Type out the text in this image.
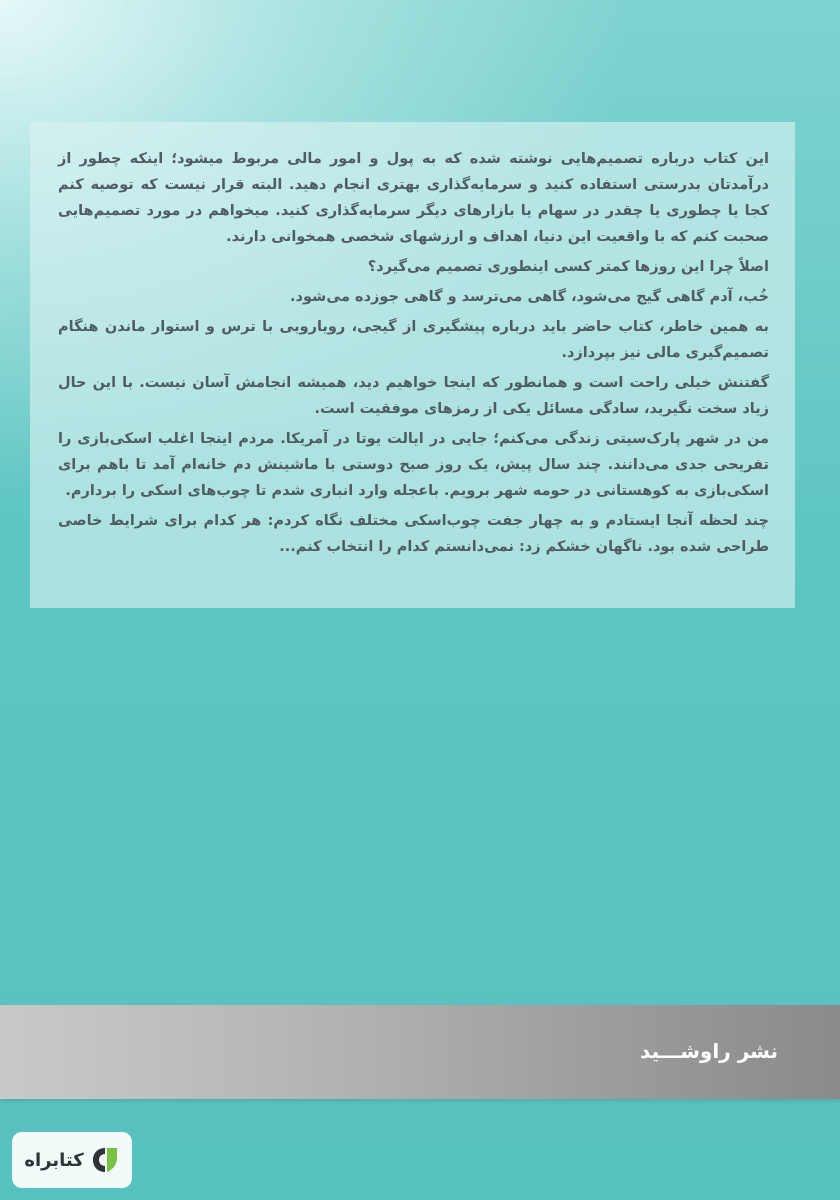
این کتاب درباره تصمیم‌هایی نوشته شده که به پول و امور مالی مربوط میشود؛ اینکه چطور از درآمدتان بدرستی استفاده کنید و سرمایه‌گذاری بهتری انجام دهید. البته قرار نیست که توصیه کنم کجا یا چطوری یا چقدر در سهام یا بازارهای دیگر سرمایه‌گذاری کنید. میخواهم در مورد تصمیم‌هایی صحبت کنم که با واقعیت این دنیا، اهداف و ارزشهای شخصی همخوانی دارند.

اصلاً چرا این روزها کمتر کسی اینطوری تصمیم می‌گیرد؟

خُب، آدم گاهی گیج می‌شود، گاهی می‌ترسد و گاهی جوزده می‌شود.

به همین خاطر، کتاب حاضر باید درباره پیشگیری از گیجی، رویارویی با ترس و استوار ماندن هنگام تصمیم‌گیری مالی نیز بپردازد.

گفتنش خیلی راحت است و همانطور که اینجا خواهیم دید، همیشه انجامش آسان نیست. با این حال زیاد سخت نگیرید، سادگی مسائل یکی از رمزهای موفقیت است.

من در شهر پارک‌سیتی زندگی می‌کنم؛ جایی در ایالت یوتا در آمریکا. مردم اینجا اغلب اسکی‌بازی را تفریحی جدی می‌دانند. چند سال پیش، یک روز صبح دوستی با ماشینش دم خانه‌ام آمد تا باهم برای اسکی‌بازی به کوهستانی در حومه شهر برویم. باعجله وارد انباری شدم تا چوب‌های اسکی را بردارم.

چند لحظه آنجا ایستادم و به چهار جفت چوب‌اسکی مختلف نگاه کردم: هر کدام برای شرایط خاصی طراحی شده بود. ناگهان خشکم زد: نمی‌دانستم کدام را انتخاب کنم...

نشر راوشـــید
کتابراه
